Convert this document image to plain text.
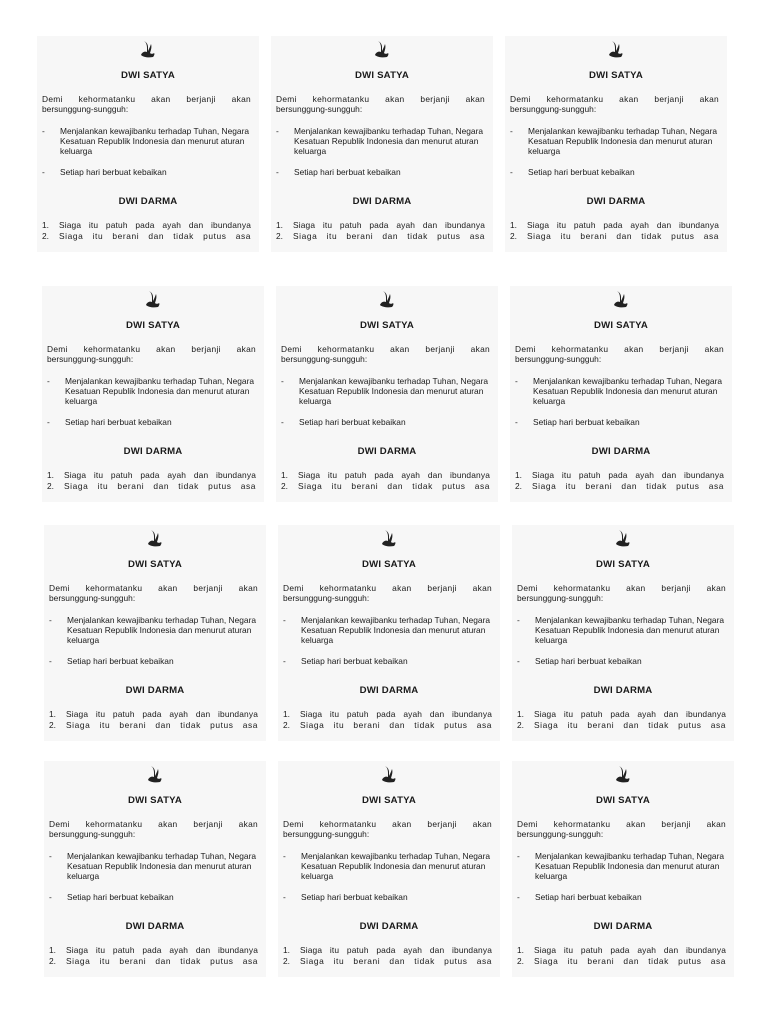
DWI SATYA
Demi kehormatanku akan berjanji akan
bersunggung-sungguh:
- Menjalankan kewajibanku terhadap Tuhan, Negara Kesatuan Republik Indonesia dan menurut aturan keluarga
- Setiap hari berbuat kebaikan
DWI DARMA
1. Siaga itu patuh pada ayah dan ibundanya
2. Siaga itu berani dan tidak putus asa
DWI SATYA
Demi kehormatanku akan berjanji akan
bersunggung-sungguh:
- Menjalankan kewajibanku terhadap Tuhan, Negara Kesatuan Republik Indonesia dan menurut aturan keluarga
- Setiap hari berbuat kebaikan
DWI DARMA
1. Siaga itu patuh pada ayah dan ibundanya
2. Siaga itu berani dan tidak putus asa
DWI SATYA
Demi kehormatanku akan berjanji akan
bersunggung-sungguh:
- Menjalankan kewajibanku terhadap Tuhan, Negara Kesatuan Republik Indonesia dan menurut aturan keluarga
- Setiap hari berbuat kebaikan
DWI DARMA
1. Siaga itu patuh pada ayah dan ibundanya
2. Siaga itu berani dan tidak putus asa
DWI SATYA
Demi kehormatanku akan berjanji akan
bersunggung-sungguh:
- Menjalankan kewajibanku terhadap Tuhan, Negara Kesatuan Republik Indonesia dan menurut aturan keluarga
- Setiap hari berbuat kebaikan
DWI DARMA
1. Siaga itu patuh pada ayah dan ibundanya
2. Siaga itu berani dan tidak putus asa
DWI SATYA
Demi kehormatanku akan berjanji akan
bersunggung-sungguh:
- Menjalankan kewajibanku terhadap Tuhan, Negara Kesatuan Republik Indonesia dan menurut aturan keluarga
- Setiap hari berbuat kebaikan
DWI DARMA
1. Siaga itu patuh pada ayah dan ibundanya
2. Siaga itu berani dan tidak putus asa
DWI SATYA
Demi kehormatanku akan berjanji akan
bersunggung-sungguh:
- Menjalankan kewajibanku terhadap Tuhan, Negara Kesatuan Republik Indonesia dan menurut aturan keluarga
- Setiap hari berbuat kebaikan
DWI DARMA
1. Siaga itu patuh pada ayah dan ibundanya
2. Siaga itu berani dan tidak putus asa
DWI SATYA
Demi kehormatanku akan berjanji akan
bersunggung-sungguh:
- Menjalankan kewajibanku terhadap Tuhan, Negara Kesatuan Republik Indonesia dan menurut aturan keluarga
- Setiap hari berbuat kebaikan
DWI DARMA
1. Siaga itu patuh pada ayah dan ibundanya
2. Siaga itu berani dan tidak putus asa
DWI SATYA
Demi kehormatanku akan berjanji akan
bersunggung-sungguh:
- Menjalankan kewajibanku terhadap Tuhan, Negara Kesatuan Republik Indonesia dan menurut aturan keluarga
- Setiap hari berbuat kebaikan
DWI DARMA
1. Siaga itu patuh pada ayah dan ibundanya
2. Siaga itu berani dan tidak putus asa
DWI SATYA
Demi kehormatanku akan berjanji akan
bersunggung-sungguh:
- Menjalankan kewajibanku terhadap Tuhan, Negara Kesatuan Republik Indonesia dan menurut aturan keluarga
- Setiap hari berbuat kebaikan
DWI DARMA
1. Siaga itu patuh pada ayah dan ibundanya
2. Siaga itu berani dan tidak putus asa
DWI SATYA
Demi kehormatanku akan berjanji akan
bersunggung-sungguh:
- Menjalankan kewajibanku terhadap Tuhan, Negara Kesatuan Republik Indonesia dan menurut aturan keluarga
- Setiap hari berbuat kebaikan
DWI DARMA
1. Siaga itu patuh pada ayah dan ibundanya
2. Siaga itu berani dan tidak putus asa
DWI SATYA
Demi kehormatanku akan berjanji akan
bersunggung-sungguh:
- Menjalankan kewajibanku terhadap Tuhan, Negara Kesatuan Republik Indonesia dan menurut aturan keluarga
- Setiap hari berbuat kebaikan
DWI DARMA
1. Siaga itu patuh pada ayah dan ibundanya
2. Siaga itu berani dan tidak putus asa
DWI SATYA
Demi kehormatanku akan berjanji akan
bersunggung-sungguh:
- Menjalankan kewajibanku terhadap Tuhan, Negara Kesatuan Republik Indonesia dan menurut aturan keluarga
- Setiap hari berbuat kebaikan
DWI DARMA
1. Siaga itu patuh pada ayah dan ibundanya
2. Siaga itu berani dan tidak putus asa
